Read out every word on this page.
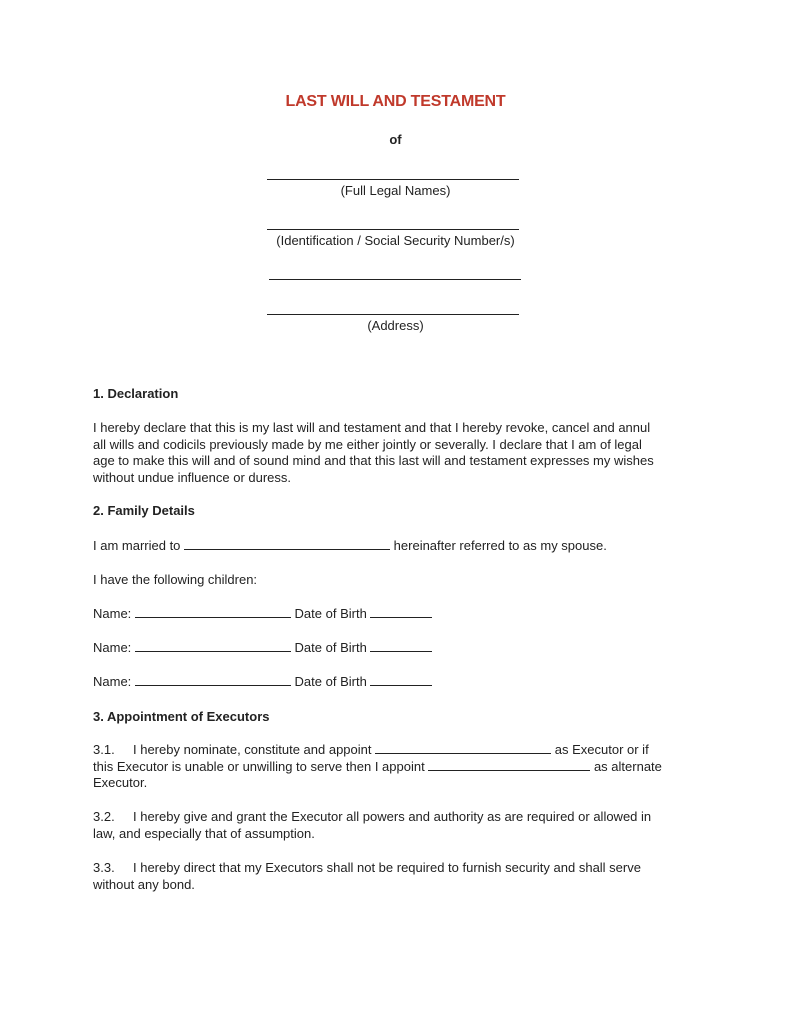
LAST WILL AND TESTAMENT
of
(Full Legal Names)
(Identification / Social Security Number/s)
(Address)
1. Declaration
I hereby declare that this is my last will and testament and that I hereby revoke, cancel and annul
all wills and codicils previously made by me either jointly or severally. I declare that I am of legal
age to make this will and of sound mind and that this last will and testament expresses my wishes
without undue influence or duress.
2. Family Details
I am married to	hereinafter referred to as my spouse.
I have the following children:
Name:	Date of Birth
Name:	Date of Birth
Name:	Date of Birth
3. Appointment of Executors
3.1. I hereby nominate, constitute and appoint	as Executor or if
this Executor is unable or unwilling to serve then I appoint	as alternate
Executor.
3.2. I hereby give and grant the Executor all powers and authority as are required or allowed in
law, and especially that of assumption.
3.3. I hereby direct that my Executors shall not be required to furnish security and shall serve
without any bond.
